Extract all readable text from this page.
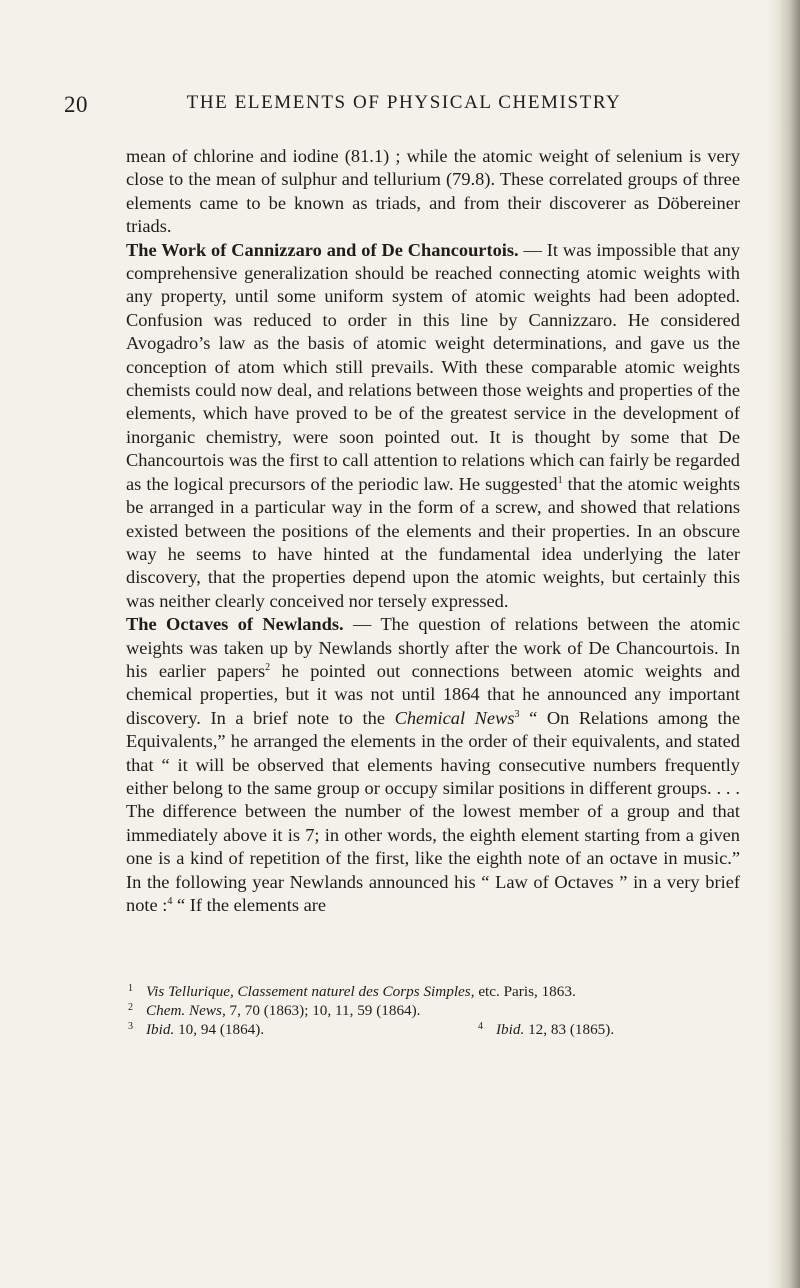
20	THE ELEMENTS OF PHYSICAL CHEMISTRY

mean of chlorine and iodine (81.1) ; while the atomic weight of selenium is very close to the mean of sulphur and tellurium (79.8). These correlated groups of three elements came to be known as triads, and from their discoverer as Döbereiner triads.

The Work of Cannizzaro and of De Chancourtois. — It was impossible that any comprehensive generalization should be reached connecting atomic weights with any property, until some uniform system of atomic weights had been adopted. Confusion was reduced to order in this line by Cannizzaro. He considered Avogadro’s law as the basis of atomic weight determinations, and gave us the conception of atom which still prevails. With these comparable atomic weights chemists could now deal, and relations between those weights and properties of the elements, which have proved to be of the greatest service in the development of inorganic chemistry, were soon pointed out. It is thought by some that De Chancourtois was the first to call attention to relations which can fairly be regarded as the logical precursors of the periodic law. He suggested$^1$ that the atomic weights be arranged in a particular way in the form of a screw, and showed that relations existed between the positions of the elements and their properties. In an obscure way he seems to have hinted at the fundamental idea underlying the later discovery, that the properties depend upon the atomic weights, but certainly this was neither clearly conceived nor tersely expressed.

The Octaves of Newlands. — The question of relations between the atomic weights was taken up by Newlands shortly after the work of De Chancourtois. In his earlier papers$^2$ he pointed out connections between atomic weights and chemical properties, but it was not until 1864 that he announced any important discovery. In a brief note to the Chemical News$^3$ “ On Relations among the Equivalents,” he arranged the elements in the order of their equivalents, and stated that “ it will be observed that elements having consecutive numbers frequently either belong to the same group or occupy similar positions in different groups. . . . The difference between the number of the lowest member of a group and that immediately above it is 7; in other words, the eighth element starting from a given one is a kind of repetition of the first, like the eighth note of an octave in music.” In the following year Newlands announced his “ Law of Octaves ” in a very brief note :$^4$ “ If the elements are

1 Vis Tellurique, Classement naturel des Corps Simples, etc. Paris, 1863.
2 Chem. News, 7, 70 (1863); 10, 11, 59 (1864).
3 Ibid. 10, 94 (1864).	4 Ibid. 12, 83 (1865).
